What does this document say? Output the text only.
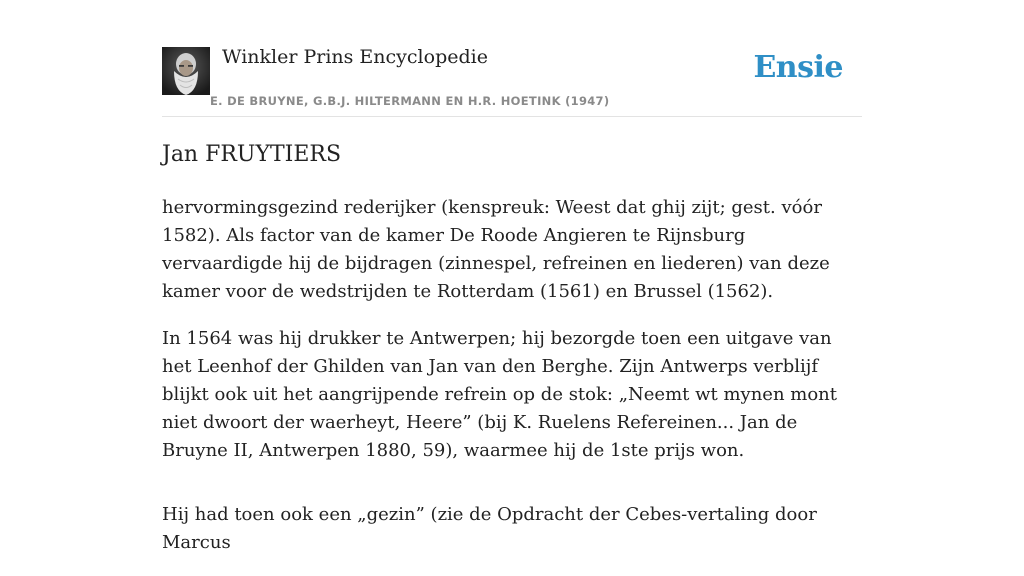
Winkler Prins Encyclopedie	Ensie
E. DE BRUYNE, G.B.J. HILTERMANN EN H.R. HOETINK (1947)
Jan FRUYTIERS

hervormingsgezind rederijker (kenspreuk: Weest dat ghij zijt; gest. vóór 1582). Als factor van de kamer De Roode Angieren te Rijnsburg vervaardigde hij de bijdragen (zinnespel, refreinen en liederen) van deze kamer voor de wedstrijden te Rotterdam (1561) en Brussel (1562).

In 1564 was hij drukker te Antwerpen; hij bezorgde toen een uitgave van het Leenhof der Ghilden van Jan van den Berghe. Zijn Antwerps verblijf blijkt ook uit het aangrijpende refrein op de stok: „Neemt wt mynen mont niet dwoort der waerheyt, Heere” (bij K. Ruelens Refereinen... Jan de Bruyne II, Antwerpen 1880, 59), waarmee hij de 1ste prijs won.

Hij had toen ook een „gezin” (zie de Opdracht der Cebes-vertaling door Marcus
